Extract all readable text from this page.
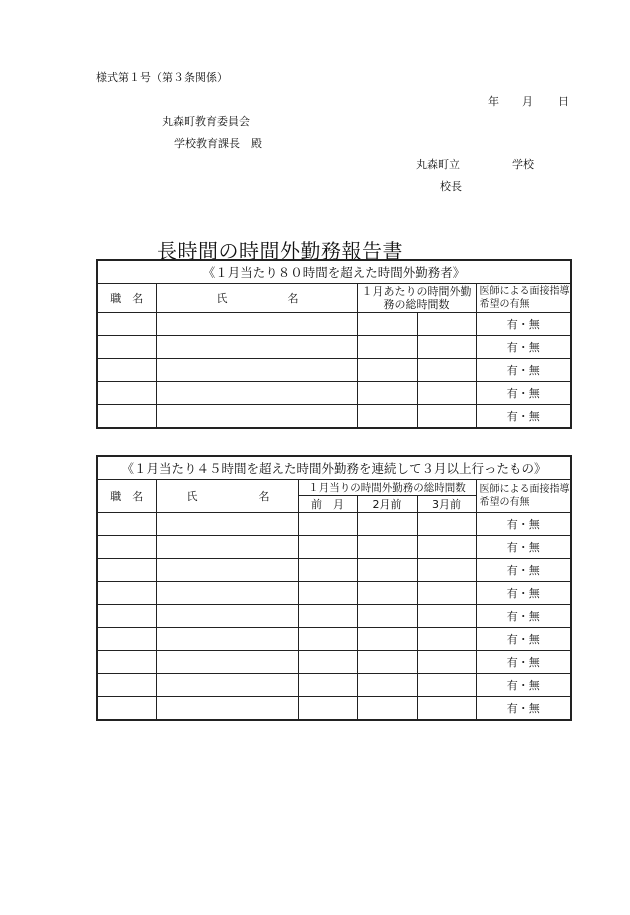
様式第１号（第３条関係）
年 月 日
丸森町教育委員会
学校教育課長　殿
丸森町立	学校
校長
長時間の時間外勤務報告書
《１月当たり８０時間を超えた時間外勤務者》				
職　名	氏 名	１月あたりの時間外勤務の総時間数		医師による面接指導希望の有無
				有・無
				有・無
				有・無
				有・無
				有・無
《１月当たり４５時間を超えた時間外勤務を連続して３月以上行ったもの》					
職　名	氏 名	１月当りの時間外勤務の総時間数			医師による面接指導希望の有無
		前　月	2月前	3月前	
					有・無
					有・無
					有・無
					有・無
					有・無
					有・無
					有・無
					有・無
					有・無
